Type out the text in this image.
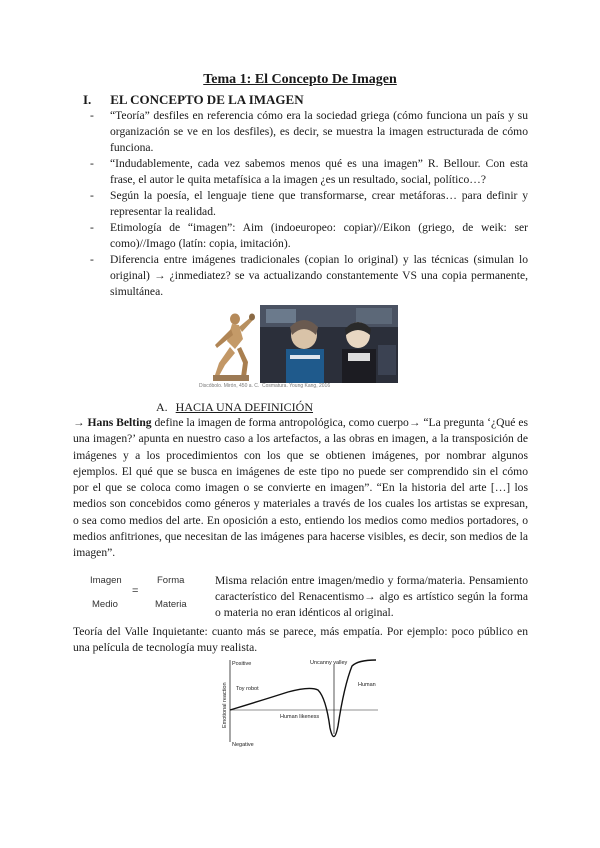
Tema 1: El Concepto De Imagen
I. EL CONCEPTO DE LA IMAGEN
- “Teoría” desfiles en referencia cómo era la sociedad griega (cómo funciona un país y su organización se ve en los desfiles), es decir, se muestra la imagen estructurada de cómo funciona.
- “Indudablemente, cada vez sabemos menos qué es una imagen” R. Bellour. Con esta frase, el autor le quita metafísica a la imagen ¿es un resultado, social, político…?
- Según la poesía, el lenguaje tiene que transformarse, crear metáforas… para definir y representar la realidad.
- Etimología de “imagen”: Aim (indoeuropeo: copiar)//Eikon (griego, de weik: ser como)//Imago (latín: copia, imitación).
- Diferencia entre imágenes tradicionales (copian lo original) y las técnicas (simulan lo original) → ¿inmediatez? se va actualizando constantemente VS una copia permanente, simultánea.
Discóbolo. Mirón, 450 a. C. Cosmatura. Young Kang, 2016
A. HACIA UNA DEFINICIÓN

→ Hans Belting define la imagen de forma antropológica, como cuerpo→ “La pregunta ‘¿Qué es una imagen?’ apunta en nuestro caso a los artefactos, a las obras en imagen, a la transposición de imágenes y a los procedimientos con los que se obtienen imágenes, por nombrar algunos ejemplos. El qué que se busca en imágenes de este tipo no puede ser comprendido sin el cómo por el que se coloca como imagen o se convierte en imagen”. “En la historia del arte […] los medios son concebidos como géneros y materiales a través de los cuales los artistas se expresan, o sea como medios del arte. En oposición a esto, entiendo los medios como medios portadores, o medios anfitriones, que necesitan de las imágenes para hacerse visibles, es decir, son medios de la imagen”.

Imagen	Forma
=
Medio	Materia

Misma relación entre imagen/medio y forma/materia. Pensamiento característico del Renacentismo→ algo es artístico según la forma o materia no eran idénticos al original.

Teoría del Valle Inquietante: cuanto más se parece, más empatía. Por ejemplo: poco público en una película de tecnología muy realista.

Positive
Negative
Uncanny valley
Human likeness
Toy robot
Human
Emotional reaction
